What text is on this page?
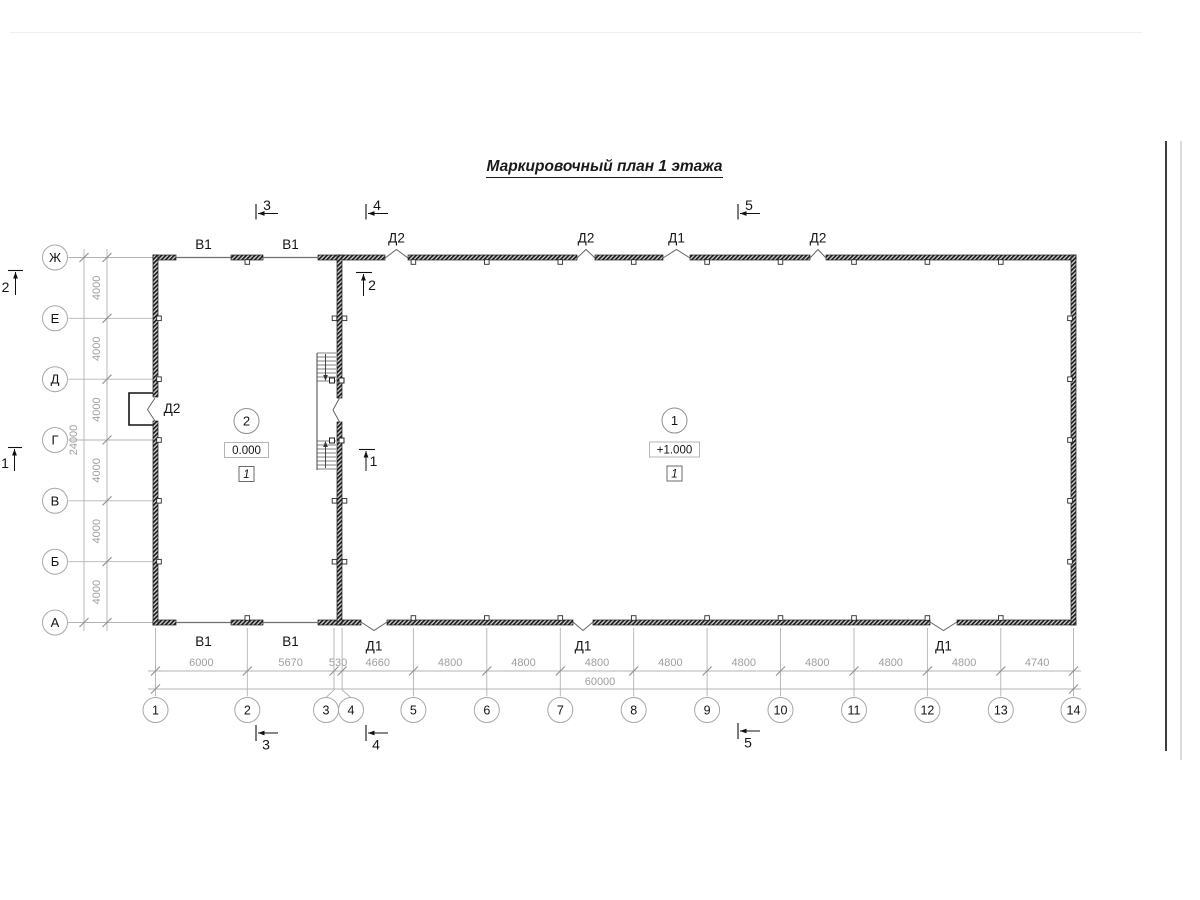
Маркировочный план 1 этажа
4000
4000
4000
4000
4000
4000
24000
6000	5670 530 4660	4800	4800	4800	4800	4800	4800	4800	4800	4740
60000
Ж
Е
Д
Г
В
Б
А
1	2	3 4	5	6	7	8	9	10	11	12	13	14
3	4	5
3	4	5
2
1
2
1
В1	В1	Д2	Д2	Д1	Д2
В1	В1	Д1	Д1	Д1
Д2
2
0.000
1
1
+1.000
1
